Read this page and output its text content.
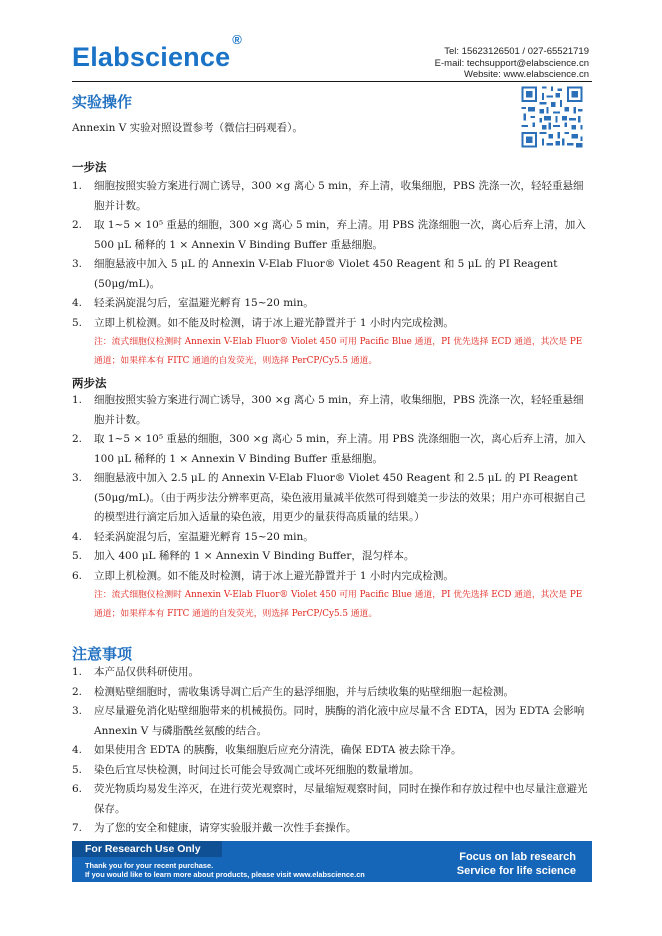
Elabscience®
Tel: 15623126501 / 027-65521719
E-mail: techsupport@elabscience.cn
Website: www.elabscience.cn
实验操作
Annexin V 实验对照设置参考（微信扫码观看）。
一步法
1. 细胞按照实验方案进行凋亡诱导，300 ×g 离心 5 min，弃上清，收集细胞，PBS 洗涤一次，轻轻重悬细胞并计数。
2. 取 1~5 × 10⁵ 重悬的细胞，300 ×g 离心 5 min，弃上清。用 PBS 洗涤细胞一次，离心后弃上清，加入 500 μL 稀释的 1 × Annexin V Binding Buffer 重悬细胞。
3. 细胞悬液中加入 5 μL 的 Annexin V-Elab Fluor® Violet 450 Reagent 和 5 μL 的 PI Reagent (50μg/mL)。
4. 轻柔涡旋混匀后，室温避光孵育 15~20 min。
5. 立即上机检测。如不能及时检测，请于冰上避光静置并于 1 小时内完成检测。
注：流式细胞仪检测时 Annexin V-Elab Fluor® Violet 450 可用 Pacific Blue 通道，PI 优先选择 ECD 通道，其次是 PE 通道；如果样本有 FITC 通道的自发荧光，则选择 PerCP/Cy5.5 通道。
两步法
1. 细胞按照实验方案进行凋亡诱导，300 ×g 离心 5 min，弃上清，收集细胞，PBS 洗涤一次，轻轻重悬细胞并计数。
2. 取 1~5 × 10⁵ 重悬的细胞，300 ×g 离心 5 min，弃上清。用 PBS 洗涤细胞一次，离心后弃上清，加入 100 μL 稀释的 1 × Annexin V Binding Buffer 重悬细胞。
3. 细胞悬液中加入 2.5 μL 的 Annexin V-Elab Fluor® Violet 450 Reagent 和 2.5 μL 的 PI Reagent (50μg/mL)。（由于两步法分辨率更高，染色液用量减半依然可得到媲美一步法的效果；用户亦可根据自己的模型进行滴定后加入适量的染色液，用更少的量获得高质量的结果。）
4. 轻柔涡旋混匀后，室温避光孵育 15~20 min。
5. 加入 400 μL 稀释的 1 × Annexin V Binding Buffer，混匀样本。
6. 立即上机检测。如不能及时检测，请于冰上避光静置并于 1 小时内完成检测。
注：流式细胞仪检测时 Annexin V-Elab Fluor® Violet 450 可用 Pacific Blue 通道，PI 优先选择 ECD 通道，其次是 PE 通道；如果样本有 FITC 通道的自发荧光，则选择 PerCP/Cy5.5 通道。
注意事项
1. 本产品仅供科研使用。
2. 检测贴壁细胞时，需收集诱导凋亡后产生的悬浮细胞，并与后续收集的贴壁细胞一起检测。
3. 应尽量避免消化贴壁细胞带来的机械损伤。同时，胰酶的消化液中应尽量不含 EDTA，因为 EDTA 会影响 Annexin V 与磷脂酰丝氨酸的结合。
4. 如果使用含 EDTA 的胰酶，收集细胞后应充分清洗，确保 EDTA 被去除干净。
5. 染色后宜尽快检测，时间过长可能会导致凋亡或坏死细胞的数量增加。
6. 荧光物质均易发生淬灭，在进行荧光观察时，尽量缩短观察时间，同时在操作和存放过程中也尽量注意避光保存。
7. 为了您的安全和健康，请穿实验服并戴一次性手套操作。
For Research Use Only
Thank you for your recent purchase.
If you would like to learn more about products, please visit www.elabscience.cn
Focus on lab research
Service for life science
